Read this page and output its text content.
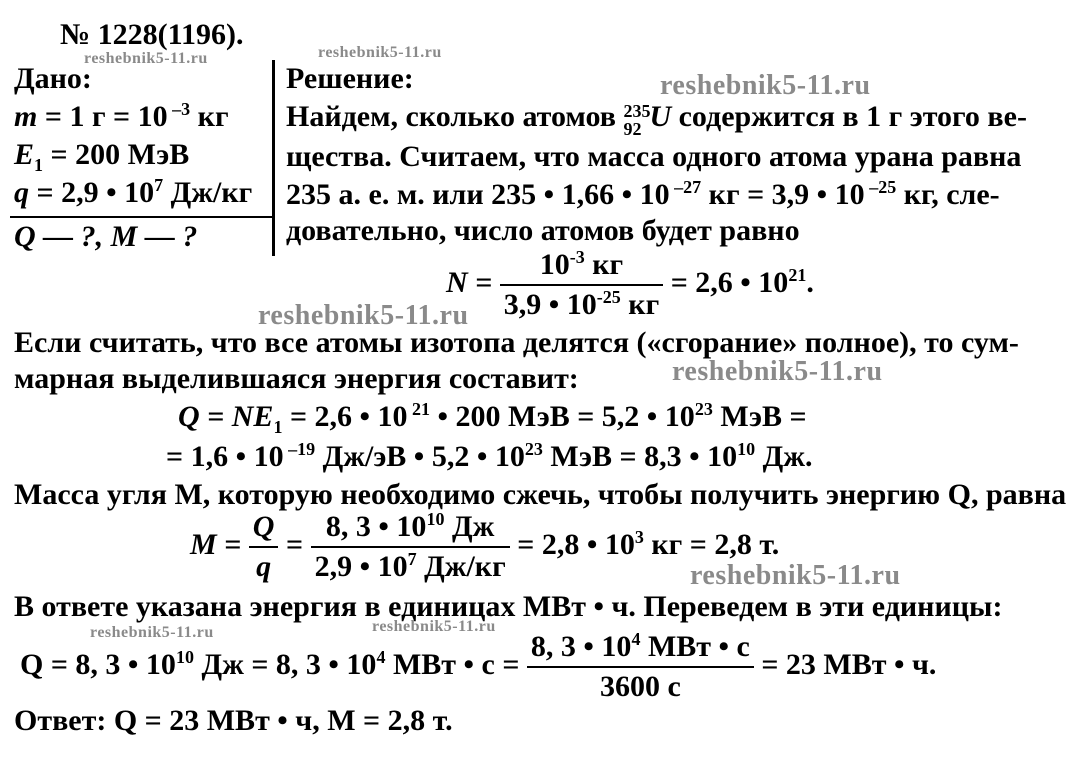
№ 1228(1196).
reshebnik5-11.ru
reshebnik5-11.ru
reshebnik5-11.ru
reshebnik5-11.ru
reshebnik5-11.ru
reshebnik5-11.ru
reshebnik5-11.ru	reshebnik5-11.ru
Дано:
m = 1 г = 10 $^{-3}$ кг
$E_1 = 200$ МэВ
q = 2,9 • $10^7$ Дж/кг
Q — ?, M — ?
Решение:
Найдем, сколько атомов 235
92 U содержится в 1 г этого ве-
щества. Считаем, что масса одного атома урана равна
235 а. е. м. или 235 • 1,66 • 10 $^{-27}$ кг = 3,9 • 10 $^{-25}$ кг, сле-
довательно, число атомов будет равно
$N = \frac{10^{-3} кг}{3,9 • 10^{-25} кг} = 2,6$ • $10^{21}$.
Если считать, что все атомы изотопа делятся («сгорание» полное), то сум-
марная выделившаяся энергия составит:
$Q = NE_1 = 2,6$ • 10 $^{21}$ • 200 МэВ = 5,2 • $10^{23}$ МэВ =
= 1,6 • 10 $^{-19}$ Дж/эВ • 5,2 • $10^{23}$ МэВ = 8,3 • $10^{10}$ Дж.
Масса угля M, которую необходимо сжечь, чтобы получить энергию Q, равна
$M = \frac{Q}{q} = \frac{8, 3 • 10^{10} Дж}{2,9 • 10^7 Дж/кг} = 2,8$ • $10^3$ кг = 2,8 т.
В ответе указана энергия в единицах МВт • ч. Переведем в эти единицы:
Q = 8, 3 • $10^{10}$ Дж = 8, 3 • $10^4$ МВт • $с = \frac{8, 3 • 10^4 МВт • с}{3600 с} = 23$ МВт • ч.
Ответ: Q = 23 МВт • ч, M = 2,8 т.
